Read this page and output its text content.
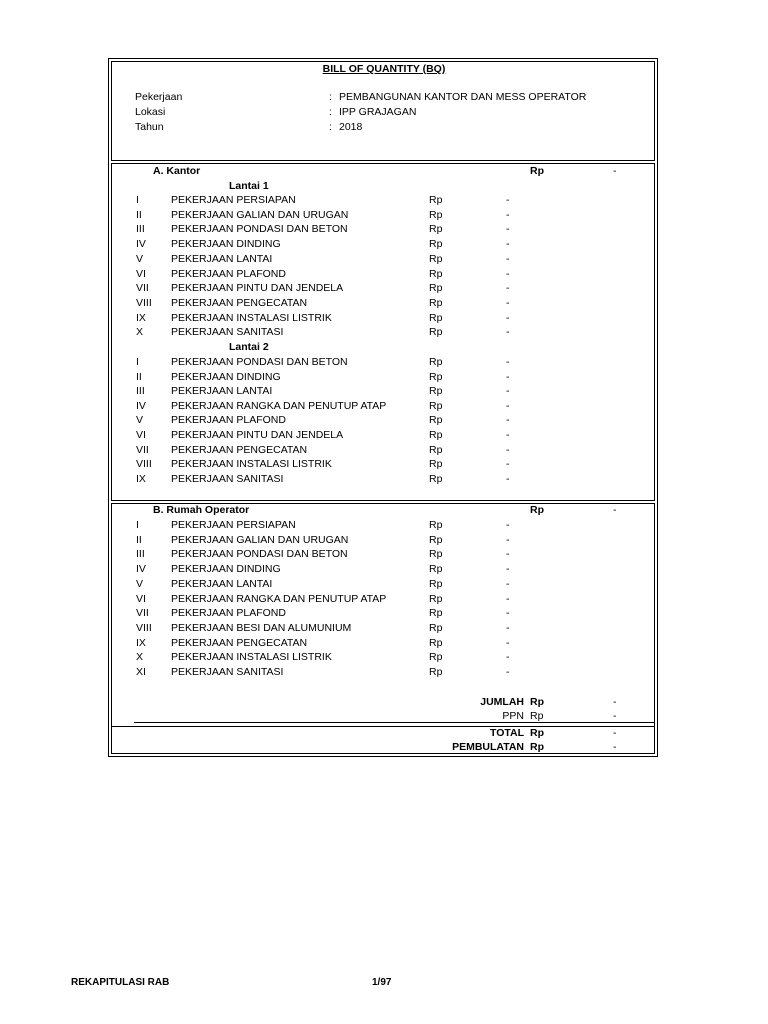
BILL OF QUANTITY (BQ)
Pekerjaan	: PEMBANGUNAN KANTOR DAN MESS OPERATOR
Lokasi	: IPP GRAJAGAN
Tahun	: 2018
A. Kantor	Rp	-
Lantai 1
I	PEKERJAAN PERSIAPAN	Rp	-
II	PEKERJAAN GALIAN DAN URUGAN	Rp	-
III PEKERJAAN PONDASI DAN BETON	Rp	-
IV PEKERJAAN DINDING	Rp	-
V	PEKERJAAN LANTAI	Rp	-
VI PEKERJAAN PLAFOND	Rp	-
VII PEKERJAAN PINTU DAN JENDELA	Rp	-
VIII PEKERJAAN PENGECATAN	Rp	-
IX PEKERJAAN INSTALASI LISTRIK	Rp	-
X	PEKERJAAN SANITASI	Rp	-
Lantai 2
I	PEKERJAAN PONDASI DAN BETON	Rp	-
II	PEKERJAAN DINDING	Rp	-
III PEKERJAAN LANTAI	Rp	-
IV PEKERJAAN RANGKA DAN PENUTUP ATAP	Rp	-
V	PEKERJAAN PLAFOND	Rp	-
VI PEKERJAAN PINTU DAN JENDELA	Rp	-
VII PEKERJAAN PENGECATAN	Rp	-
VIII PEKERJAAN INSTALASI LISTRIK	Rp	-
IX PEKERJAAN SANITASI	Rp	-
B. Rumah Operator	Rp	-
I	PEKERJAAN PERSIAPAN	Rp	-
II	PEKERJAAN GALIAN DAN URUGAN	Rp	-
III PEKERJAAN PONDASI DAN BETON	Rp	-
IV PEKERJAAN DINDING	Rp	-
V	PEKERJAAN LANTAI	Rp	-
VI PEKERJAAN RANGKA DAN PENUTUP ATAP	Rp	-
VII PEKERJAAN PLAFOND	Rp	-
VIII PEKERJAAN BESI DAN ALUMUNIUM	Rp	-
IX PEKERJAAN PENGECATAN	Rp	-
X	PEKERJAAN INSTALASI LISTRIK	Rp	-
XI PEKERJAAN SANITASI	Rp	-
JUMLAH Rp	-
PPN Rp	-
TOTAL Rp	-
PEMBULATAN Rp	-
REKAPITULASI RAB	1/97
